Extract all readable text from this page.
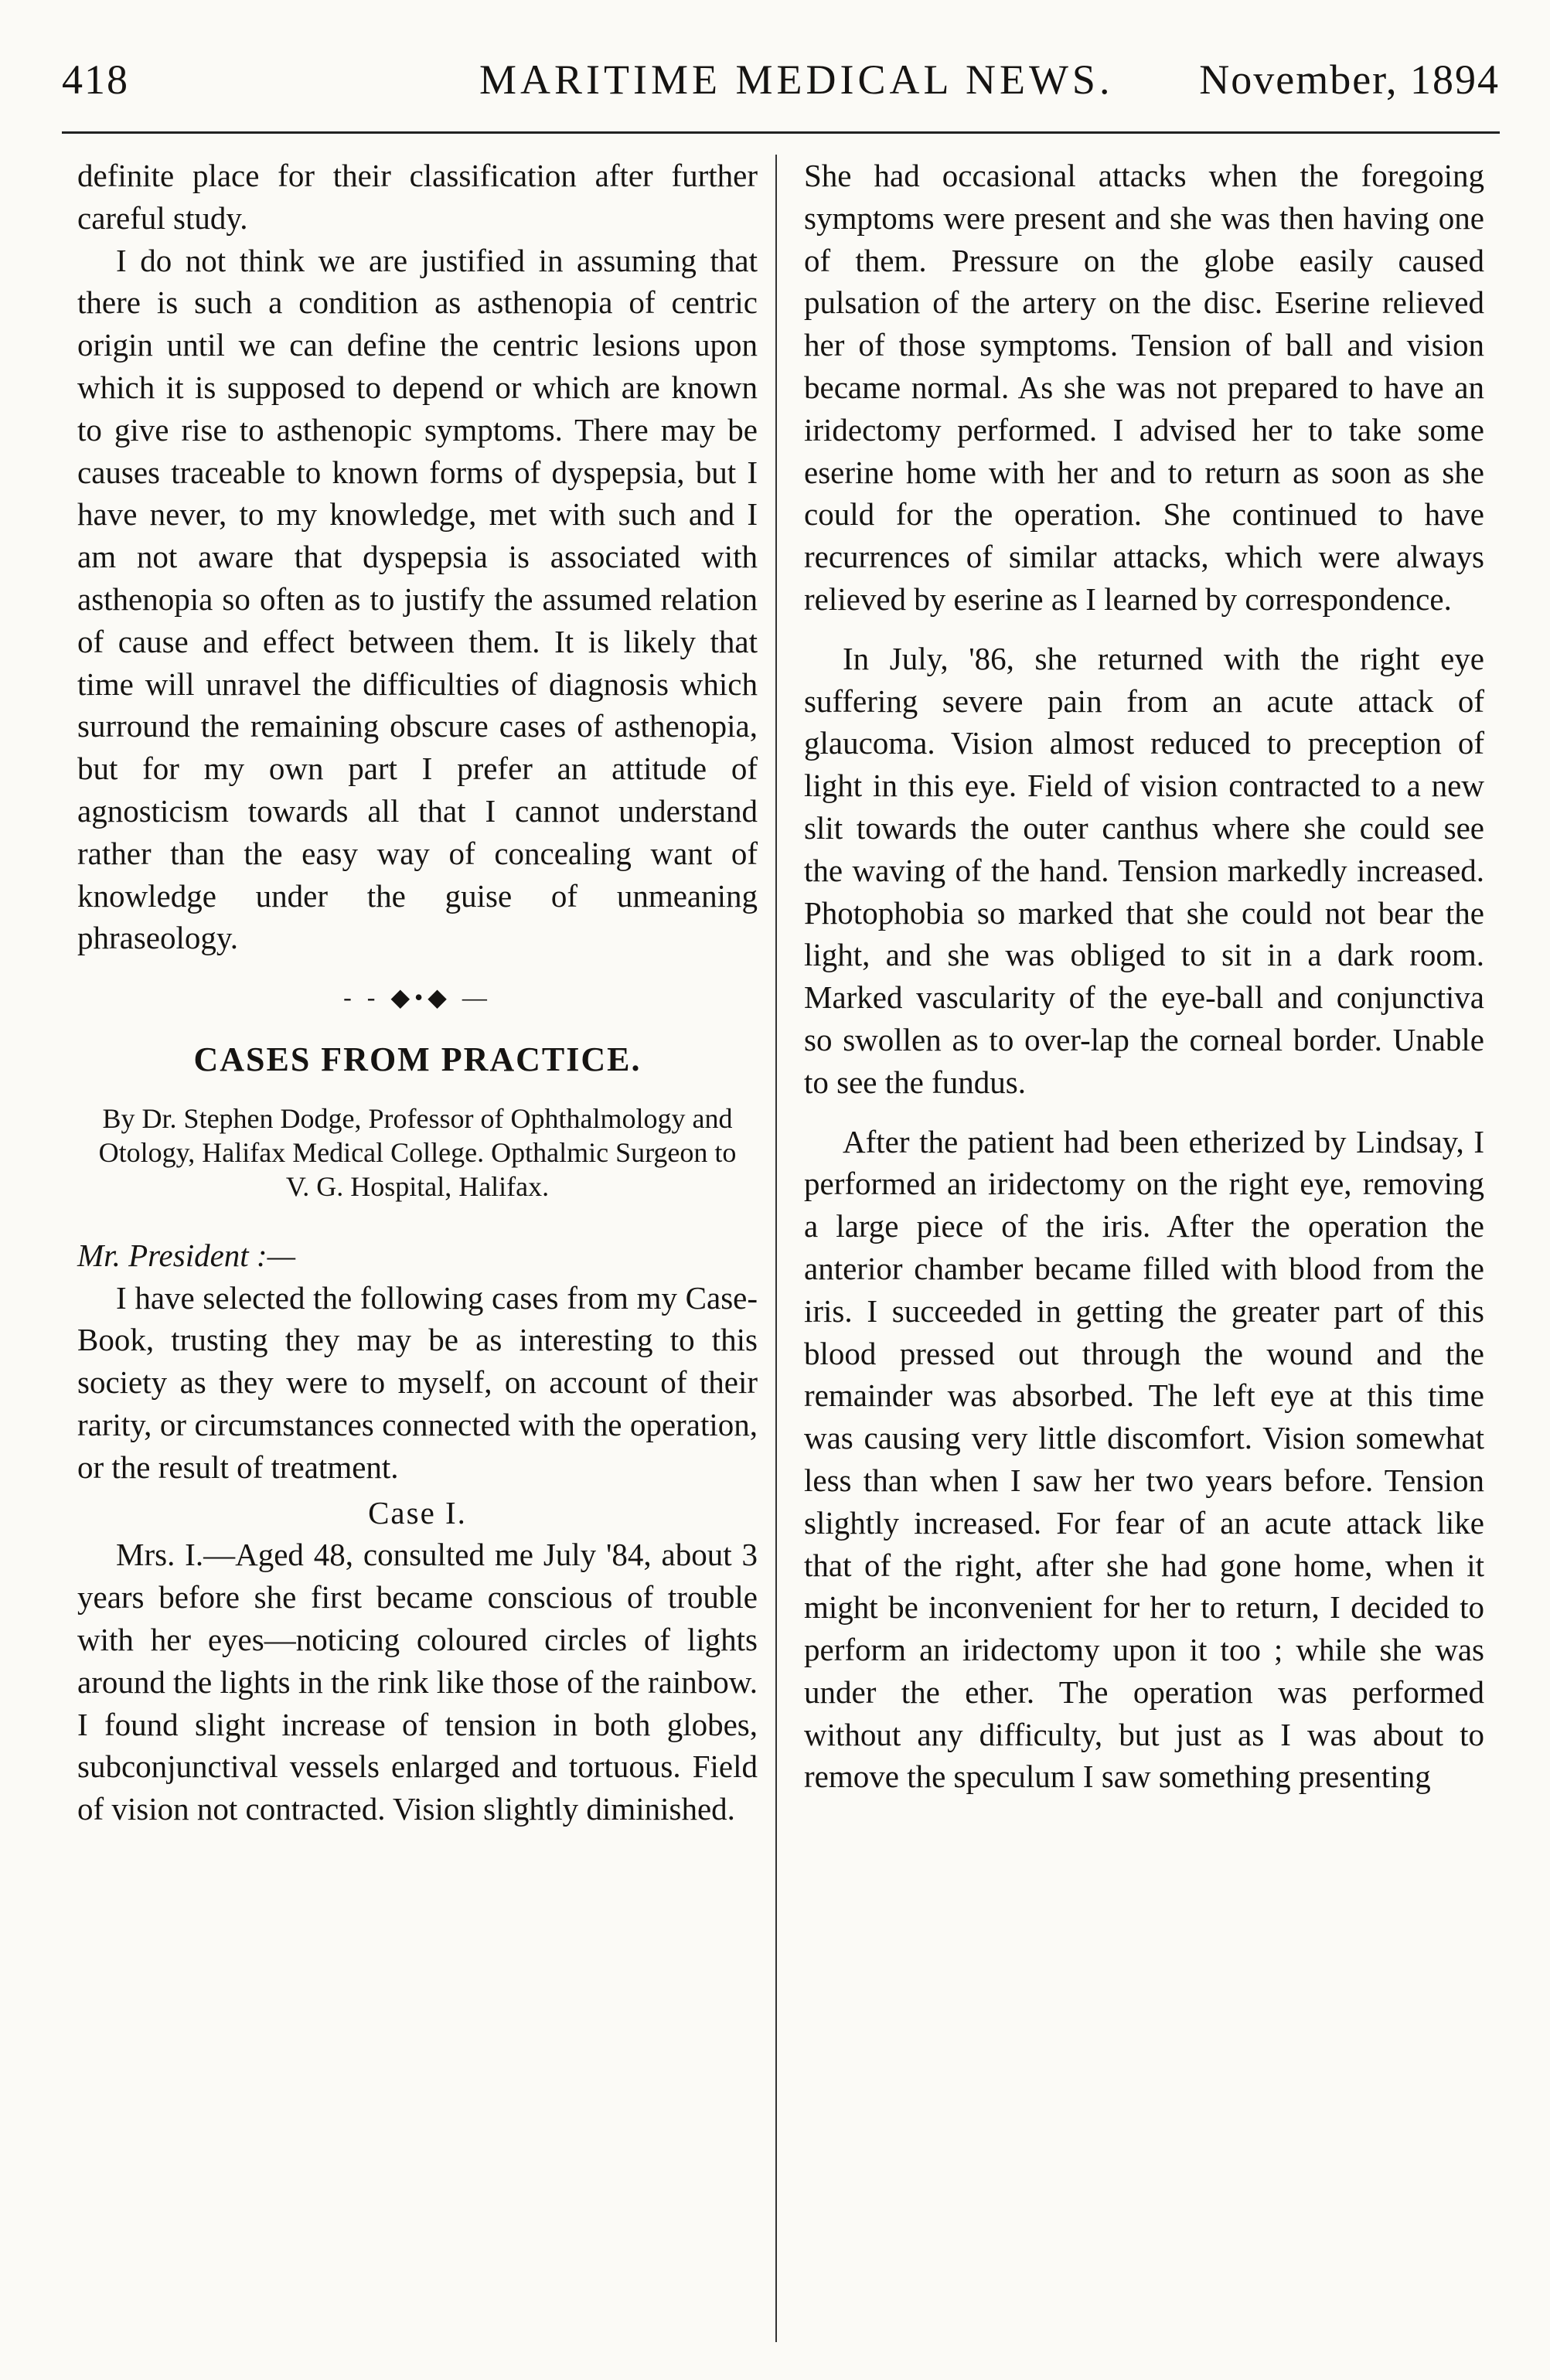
418	MARITIME MEDICAL NEWS. November, 1894

definite place for their classification after further careful study.

I do not think we are justified in assuming that there is such a condition as asthenopia of centric origin until we can define the centric lesions upon which it is supposed to depend or which are known to give rise to asthenopic symptoms. There may be causes traceable to known forms of dyspepsia, but I have never, to my knowledge, met with such and I am not aware that dyspepsia is associated with asthenopia so often as to justify the assumed relation of cause and effect between them. It is likely that time will unravel the difficulties of diagnosis which surround the remaining obscure cases of asthenopia, but for my own part I prefer an attitude of agnosticism towards all that I cannot understand rather than the easy way of concealing want of knowledge under the guise of unmeaning phraseology.

- - ◆•◆ —
CASES FROM PRACTICE.
By Dr. Stephen Dodge, Professor of Ophthalmology and Otology, Halifax Medical College. Opthalmic Surgeon to V. G. Hospital, Halifax.

Mr. President :—

I have selected the following cases from my Case-Book, trusting they may be as interesting to this society as they were to myself, on account of their rarity, or circumstances connected with the operation, or the result of treatment.

Case I.

Mrs. I.—Aged 48, consulted me July '84, about 3 years before she first became conscious of trouble with her eyes—noticing coloured circles of lights around the lights in the rink like those of the rainbow. I found slight increase of tension in both globes, subconjunctival vessels enlarged and tortuous. Field of vision not contracted. Vision slightly diminished.

She had occasional attacks when the foregoing symptoms were present and she was then having one of them. Pressure on the globe easily caused pulsation of the artery on the disc. Eserine relieved her of those symptoms. Tension of ball and vision became normal. As she was not prepared to have an iridectomy performed. I advised her to take some eserine home with her and to return as soon as she could for the operation. She continued to have recurrences of similar attacks, which were always relieved by eserine as I learned by correspondence.

In July, '86, she returned with the right eye suffering severe pain from an acute attack of glaucoma. Vision almost reduced to preception of light in this eye. Field of vision contracted to a new slit towards the outer canthus where she could see the waving of the hand. Tension markedly increased. Photophobia so marked that she could not bear the light, and she was obliged to sit in a dark room. Marked vascularity of the eye-ball and conjunctiva so swollen as to over-lap the corneal border. Unable to see the fundus.

After the patient had been etherized by Lindsay, I performed an iridectomy on the right eye, removing a large piece of the iris. After the operation the anterior chamber became filled with blood from the iris. I succeeded in getting the greater part of this blood pressed out through the wound and the remainder was absorbed. The left eye at this time was causing very little discomfort. Vision somewhat less than when I saw her two years before. Tension slightly increased. For fear of an acute attack like that of the right, after she had gone home, when it might be inconvenient for her to return, I decided to perform an iridectomy upon it too ; while she was under the ether. The operation was performed without any difficulty, but just as I was about to remove the speculum I saw something presenting
